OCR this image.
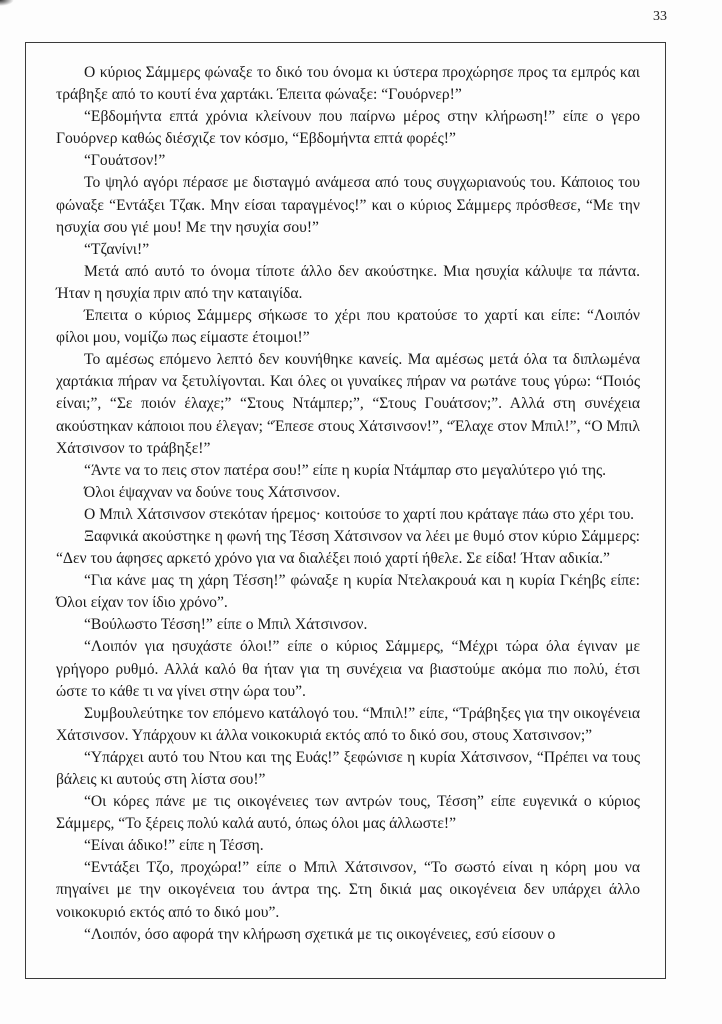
33

Ο κύριος Σάμμερς φώναξε το δικό του όνομα κι ύστερα προχώρησε προς τα εμπρός και τράβηξε από το κουτί ένα χαρτάκι. Έπειτα φώναξε: “Γουόρνερ!”

“Εβδομήντα επτά χρόνια κλείνουν που παίρνω μέρος στην κλήρωση!” είπε ο γερο Γουόρνερ καθώς διέσχιζε τον κόσμο, “Εβδομήντα επτά φορές!”

“Γουάτσον!”

Το ψηλό αγόρι πέρασε με δισταγμό ανάμεσα από τους συγχωριανούς του. Κάποιος του φώναξε “Εντάξει Τζακ. Μην είσαι ταραγμένος!” και ο κύριος Σάμμερς πρόσθεσε, “Με την ησυχία σου γιέ μου! Με την ησυχία σου!”

“Τζανίνι!”

Μετά από αυτό το όνομα τίποτε άλλο δεν ακούστηκε. Μια ησυχία κάλυψε τα πάντα. Ήταν η ησυχία πριν από την καταιγίδα.

Έπειτα ο κύριος Σάμμερς σήκωσε το χέρι που κρατούσε το χαρτί και είπε: “Λοιπόν φίλοι μου, νομίζω πως είμαστε έτοιμοι!”

Το αμέσως επόμενο λεπτό δεν κουνήθηκε κανείς. Μα αμέσως μετά όλα τα διπλωμένα χαρτάκια πήραν να ξετυλίγονται. Και όλες οι γυναίκες πήραν να ρωτάνε τους γύρω: “Ποιός είναι;”, “Σε ποιόν έλαχε;” “Στους Ντάμπερ;”, “Στους Γουάτσον;”. Αλλά στη συνέχεια ακούστηκαν κάποιοι που έλεγαν; “Έπεσε στους Χάτσινσον!”, “Έλαχε στον Μπιλ!”, “Ο Μπιλ Χάτσινσον το τράβηξε!”

“Άντε να το πεις στον πατέρα σου!” είπε η κυρία Ντάμπαρ στο μεγαλύτερο γιό της.

Όλοι έψαχναν να δούνε τους Χάτσινσον.

Ο Μπιλ Χάτσινσον στεκόταν ήρεμος· κοιτούσε το χαρτί που κράταγε πάω στο χέρι του.

Ξαφνικά ακούστηκε η φωνή της Τέσση Χάτσινσον να λέει με θυμό στον κύριο Σάμμερς: “Δεν του άφησες αρκετό χρόνο για να διαλέξει ποιό χαρτί ήθελε. Σε είδα! Ήταν αδικία.”

“Για κάνε μας τη χάρη Τέσση!” φώναξε η κυρία Ντελακρουά και η κυρία Γκέηβς είπε: Όλοι είχαν τον ίδιο χρόνο”.

“Βούλωστο Τέσση!” είπε ο Μπιλ Χάτσινσον.

“Λοιπόν για ησυχάστε όλοι!” είπε ο κύριος Σάμμερς, “Μέχρι τώρα όλα έγιναν με γρήγορο ρυθμό. Αλλά καλό θα ήταν για τη συνέχεια να βιαστούμε ακόμα πιο πολύ, έτσι ώστε το κάθε τι να γίνει στην ώρα του”.

Συμβουλεύτηκε τον επόμενο κατάλογό του. “Μπιλ!” είπε, “Τράβηξες για την οικογένεια Χάτσινσον. Υπάρχουν κι άλλα νοικοκυριά εκτός από το δικό σου, στους Χατσινσον;”

“Υπάρχει αυτό του Ντου και της Ευάς!” ξεφώνισε η κυρία Χάτσινσον, “Πρέπει να τους βάλεις κι αυτούς στη λίστα σου!”

“Οι κόρες πάνε με τις οικογένειες των αντρών τους, Τέσση” είπε ευγενικά ο κύριος Σάμμερς, “Το ξέρεις πολύ καλά αυτό, όπως όλοι μας άλλωστε!”

“Είναι άδικο!” είπε η Τέσση.

“Εντάξει Τζο, προχώρα!” είπε ο Μπιλ Χάτσινσον, “Το σωστό είναι η κόρη μου να πηγαίνει με την οικογένεια του άντρα της. Στη δικιά μας οικογένεια δεν υπάρχει άλλο νοικοκυριό εκτός από το δικό μου”.

“Λοιπόν, όσο αφορά την κλήρωση σχετικά με τις οικογένειες, εσύ είσουν ο
